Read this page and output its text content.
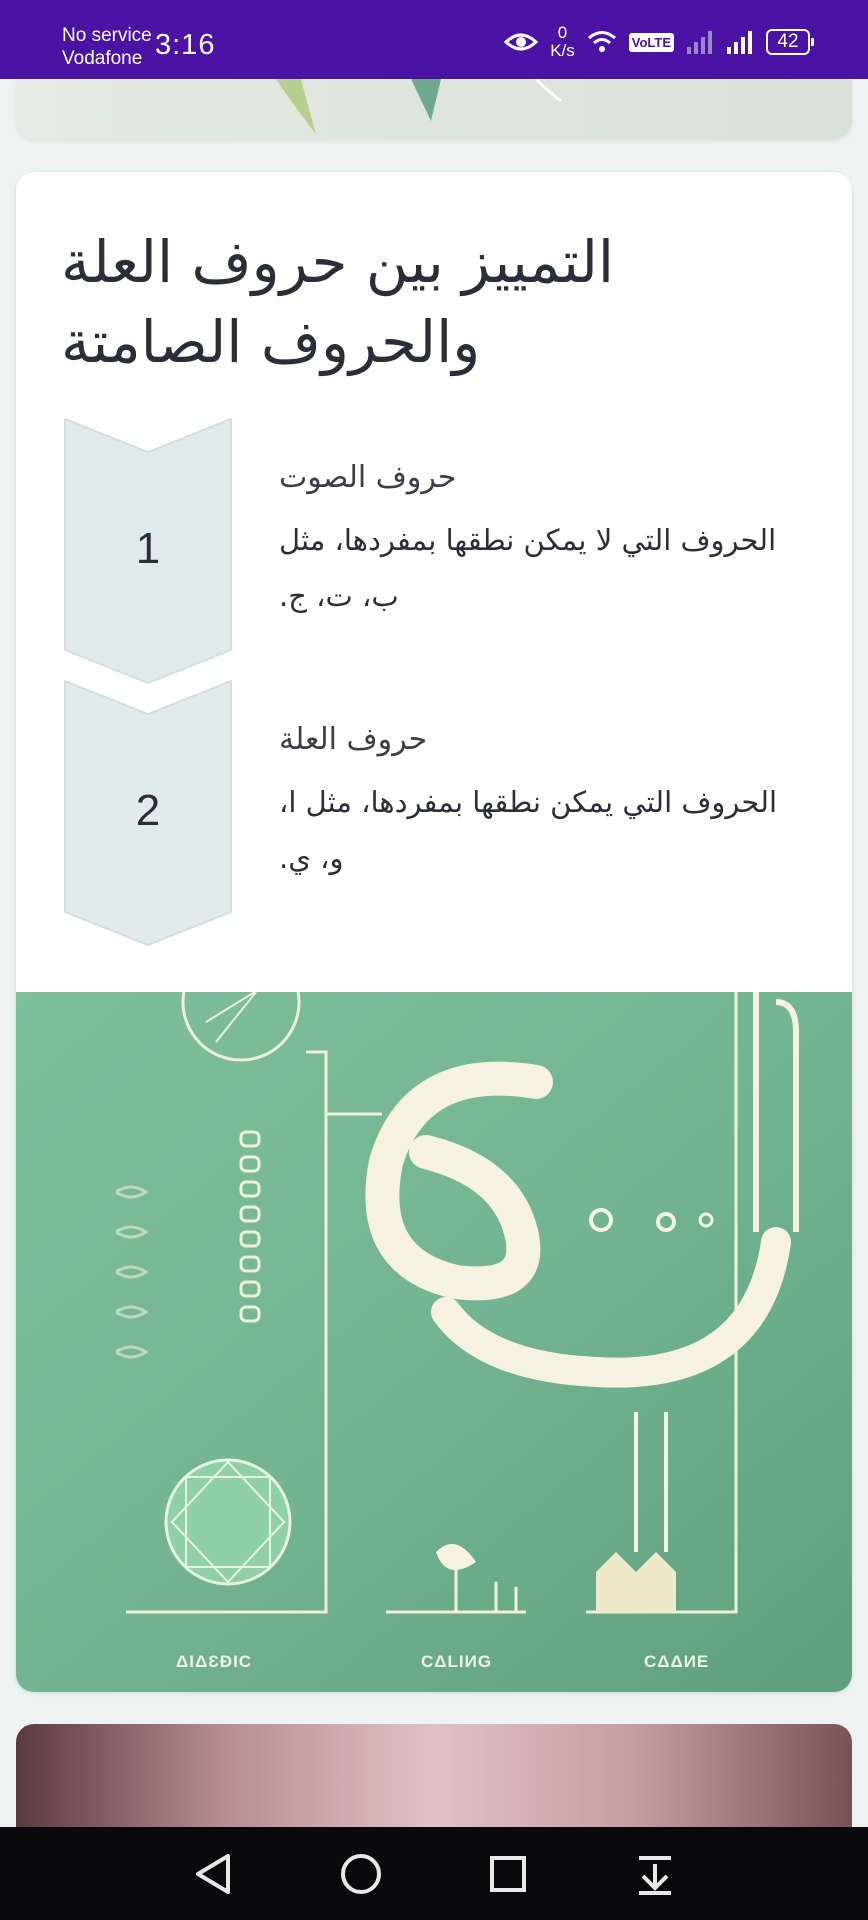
No service
Vodafone 3:16	0
K/s	VoLTE	42
التمييز بين حروف العلة والحروف الصامتة
1
حروف الصوت
الحروف التي لا يمكن نطقها بمفردها، مثل ب، ت، ج.
2
حروف العلة
الحروف التي يمكن نطقها بمفردها، مثل ا، و، ي.
ΔIΔƐƉIC	CΔLIИG	CΔΔИE
